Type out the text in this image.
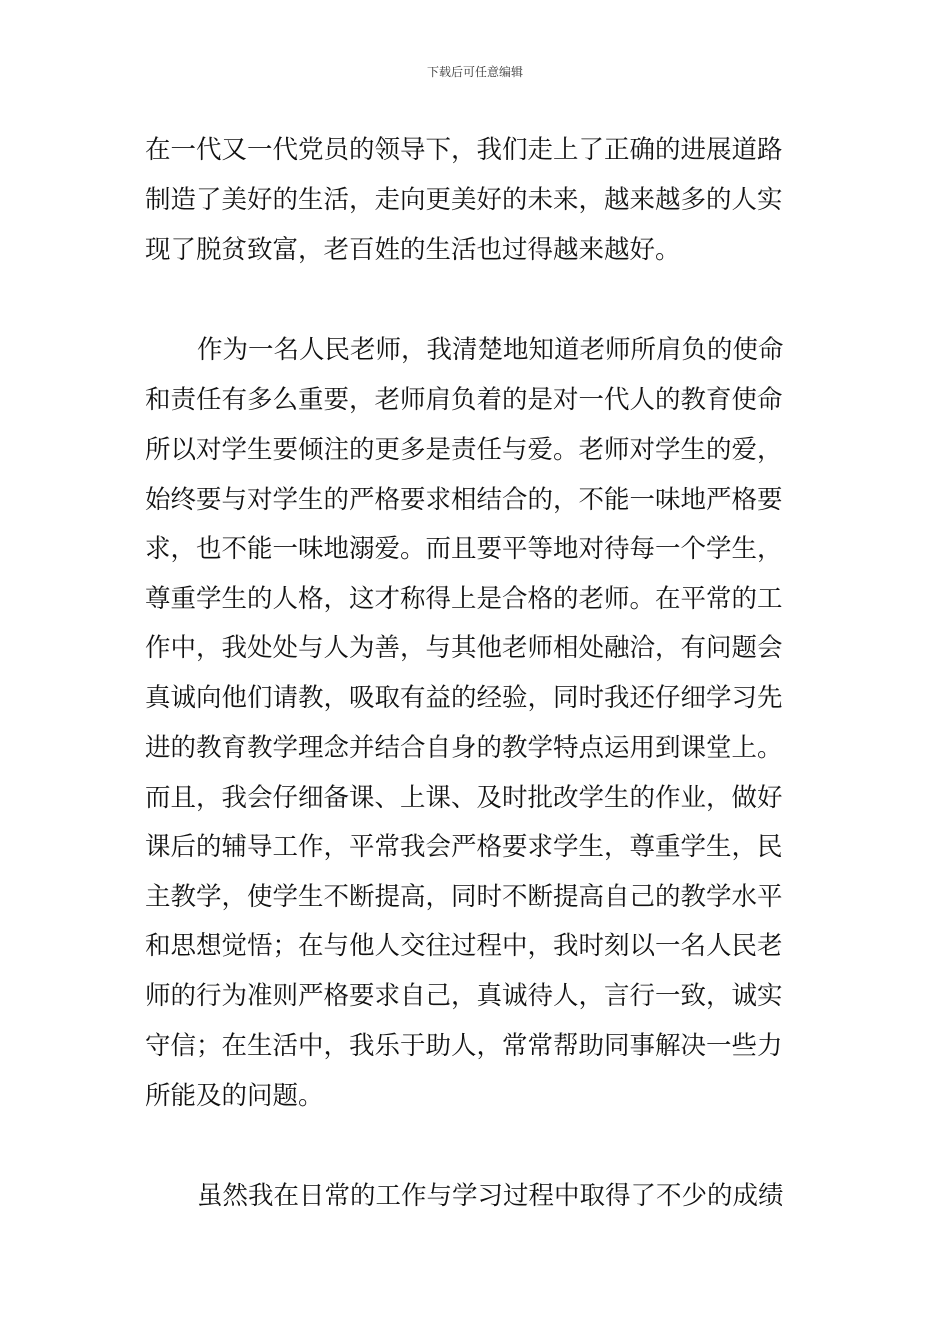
下载后可任意编辑
在一代又一代党员的领导下，我们走上了正确的进展道路
制造了美好的生活，走向更美好的未来，越来越多的人实
现了脱贫致富，老百姓的生活也过得越来越好。
作为一名人民老师，我清楚地知道老师所肩负的使命
和责任有多么重要，老师肩负着的是对一代人的教育使命
所以对学生要倾注的更多是责任与爱。老师对学生的爱，
始终要与对学生的严格要求相结合的，不能一味地严格要
求，也不能一味地溺爱。而且要平等地对待每一个学生，
尊重学生的人格，这才称得上是合格的老师。在平常的工
作中，我处处与人为善，与其他老师相处融洽，有问题会
真诚向他们请教，吸取有益的经验，同时我还仔细学习先
进的教育教学理念并结合自身的教学特点运用到课堂上。
而且，我会仔细备课、上课、及时批改学生的作业，做好
课后的辅导工作，平常我会严格要求学生，尊重学生，民
主教学，使学生不断提高，同时不断提高自己的教学水平
和思想觉悟；在与他人交往过程中，我时刻以一名人民老
师的行为准则严格要求自己，真诚待人，言行一致，诚实
守信；在生活中，我乐于助人，常常帮助同事解决一些力
所能及的问题。
虽然我在日常的工作与学习过程中取得了不少的成绩
